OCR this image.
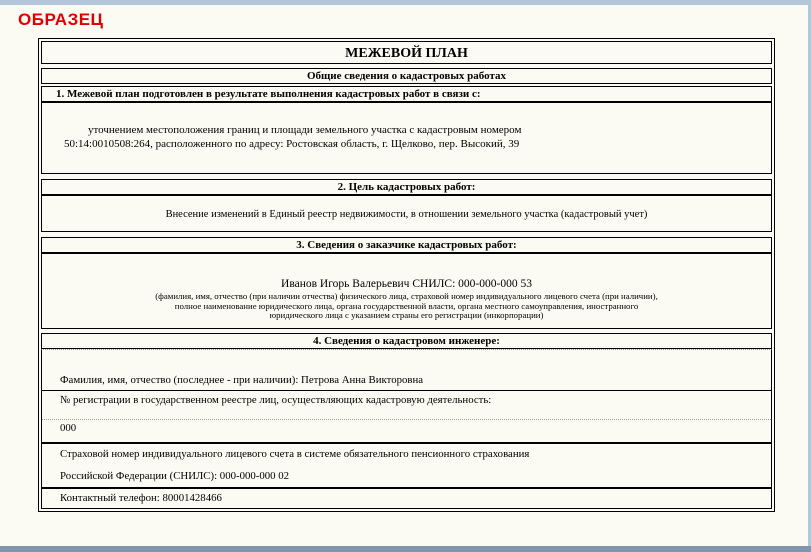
ОБРАЗЕЦ
МЕЖЕВОЙ ПЛАН
Общие сведения о кадастровых работах
1. Межевой план подготовлен в результате выполнения кадастровых работ в связи с:
уточнением местоположения границ и площади земельного участка с кадастровым номером
50:14:0010508:264, расположенного по адресу: Ростовская область, г. Щелково, пер. Высокий, 39
2. Цель кадастровых работ:
Внесение изменений в Единый реестр недвижимости, в отношении земельного участка (кадастровый учет)
3. Сведения о заказчике кадастровых работ:
Иванов Игорь Валерьевич СНИЛС: 000-000-000 53
(фамилия, имя, отчество (при наличии отчества) физического лица, страховой номер индивидуального лицевого счета (при наличии),
полное наименование юридического лица, органа государственной власти, органа местного самоуправления, иностранного
юридического лица с указанием страны его регистрации (инкорпорации)
4. Сведения о кадастровом инженере:
Фамилия, имя, отчество (последнее - при наличии): Петрова Анна Викторовна
№ регистрации в государственном реестре лиц, осуществляющих кадастровую деятельность:
000
Страховой номер индивидуального лицевого счета в системе обязательного пенсионного страхования
Российской Федерации (СНИЛС): 000-000-000 02
Контактный телефон: 80001428466
